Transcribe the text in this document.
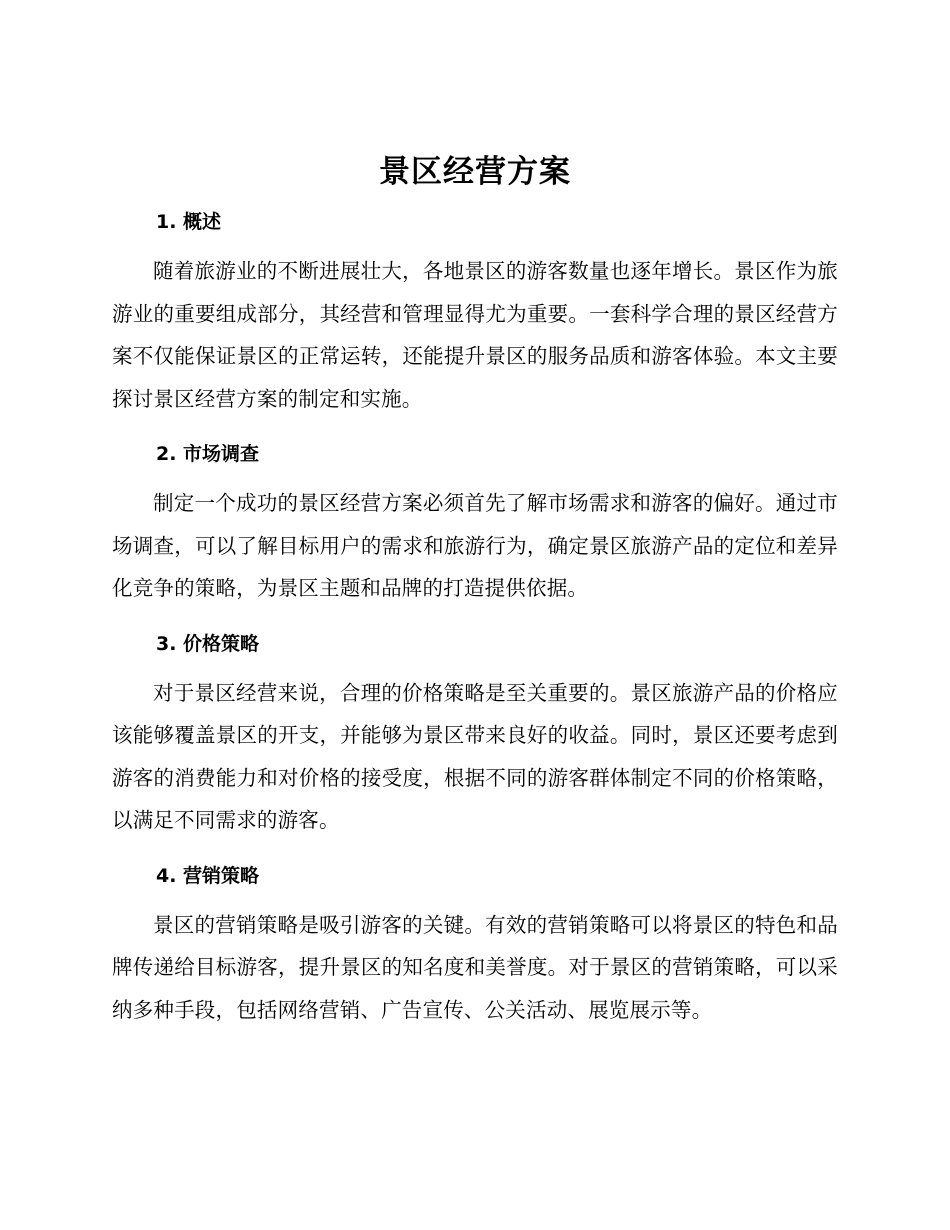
景区经营方案
1. 概述

随着旅游业的不断进展壮大，各地景区的游客数量也逐年增长。景区作为旅游业的重要组成部分，其经营和管理显得尤为重要。一套科学合理的景区经营方案不仅能保证景区的正常运转，还能提升景区的服务品质和游客体验。本文主要探讨景区经营方案的制定和实施。

2. 市场调查

制定一个成功的景区经营方案必须首先了解市场需求和游客的偏好。通过市场调查，可以了解目标用户的需求和旅游行为，确定景区旅游产品的定位和差异化竞争的策略，为景区主题和品牌的打造提供依据。

3. 价格策略

对于景区经营来说，合理的价格策略是至关重要的。景区旅游产品的价格应该能够覆盖景区的开支，并能够为景区带来良好的收益。同时，景区还要考虑到游客的消费能力和对价格的接受度，根据不同的游客群体制定不同的价格策略，以满足不同需求的游客。

4. 营销策略

景区的营销策略是吸引游客的关键。有效的营销策略可以将景区的特色和品牌传递给目标游客，提升景区的知名度和美誉度。对于景区的营销策略，可以采纳多种手段，包括网络营销、广告宣传、公关活动、展览展示等。
